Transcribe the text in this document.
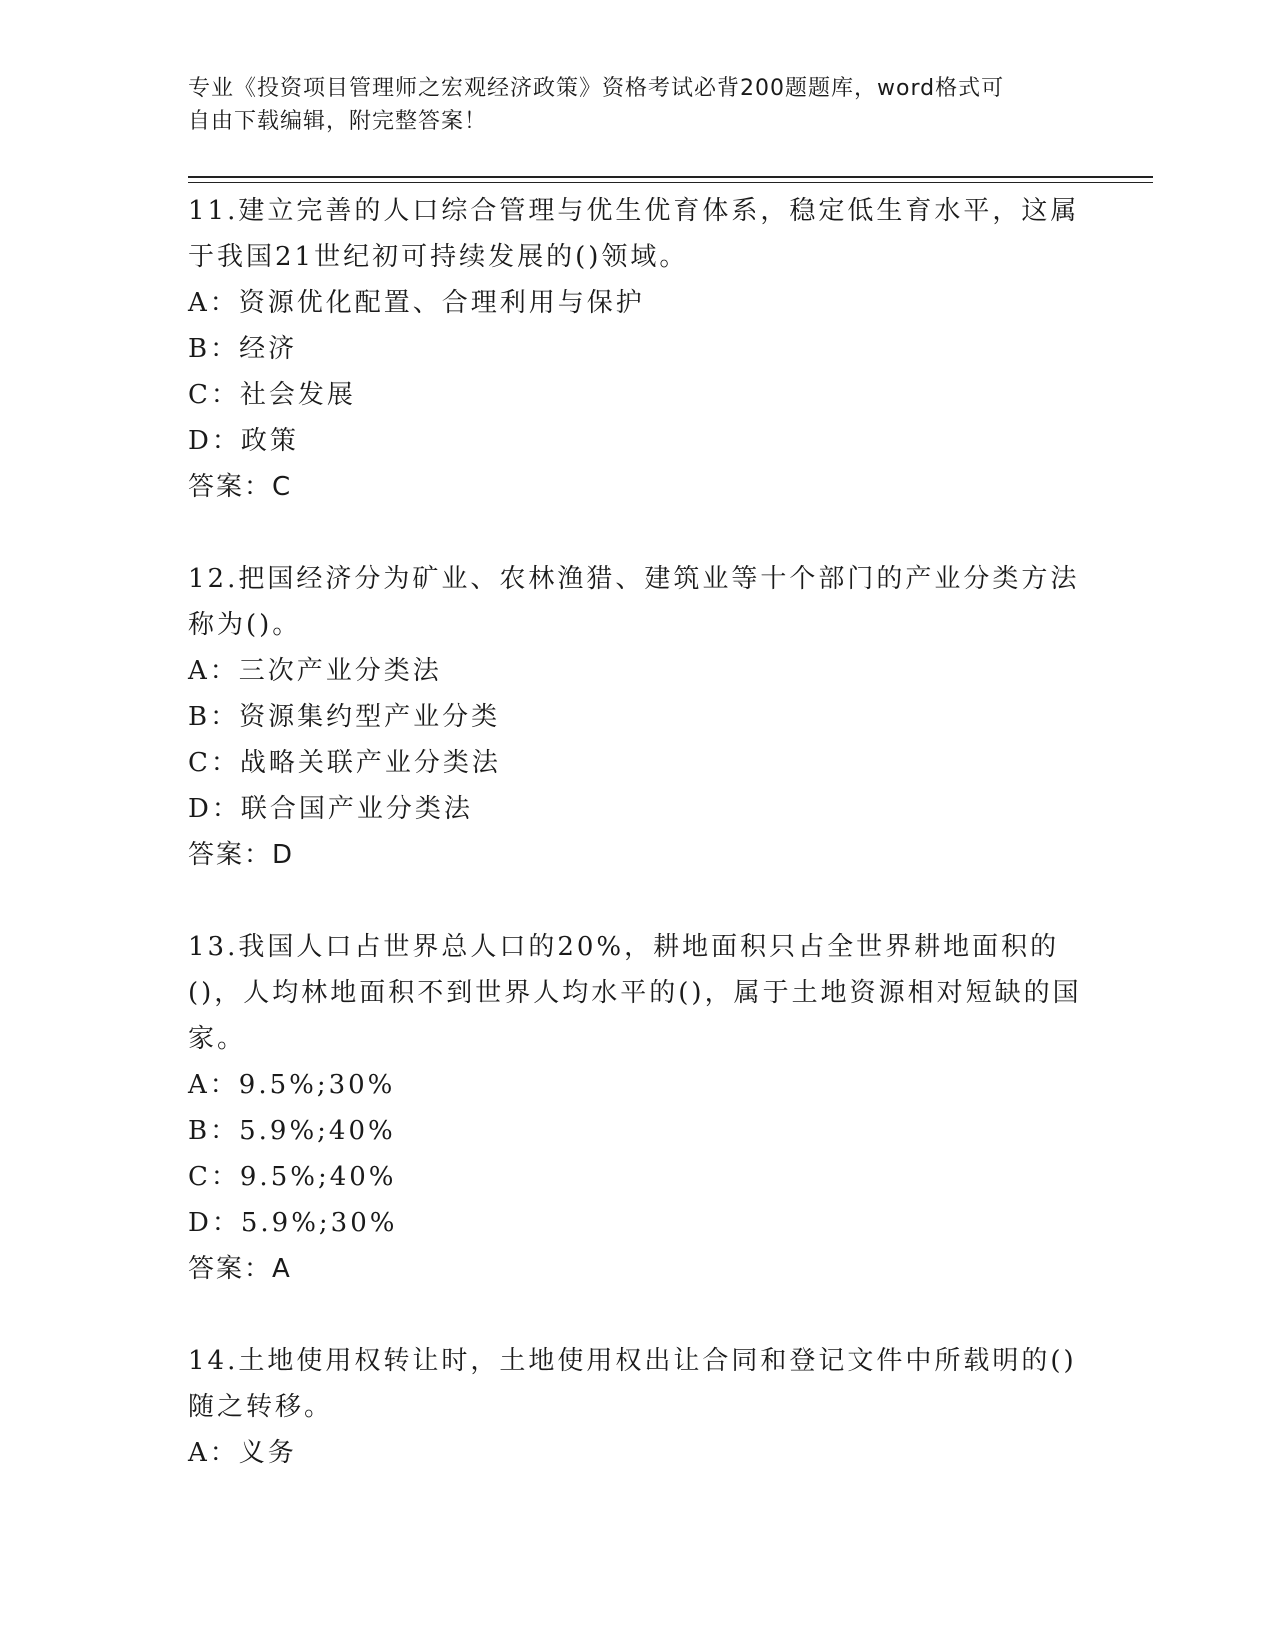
专业《投资项目管理师之宏观经济政策》资格考试必背200题题库，word格式可
自由下载编辑，附完整答案！
11.建立完善的人口综合管理与优生优育体系，稳定低生育水平，这属于我国21世纪初可持续发展的()领域。
A：资源优化配置、合理利用与保护
B：经济
C：社会发展
D：政策
答案：C
12.把国经济分为矿业、农林渔猎、建筑业等十个部门的产业分类方法称为()。
A：三次产业分类法
B：资源集约型产业分类
C：战略关联产业分类法
D：联合国产业分类法
答案：D
13.我国人口占世界总人口的20%，耕地面积只占全世界耕地面积的()，人均林地面积不到世界人均水平的()，属于土地资源相对短缺的国家。
A：9.5%;30%
B：5.9%;40%
C：9.5%;40%
D：5.9%;30%
答案：A
14.土地使用权转让时，土地使用权出让合同和登记文件中所载明的()随之转移。
A：义务
